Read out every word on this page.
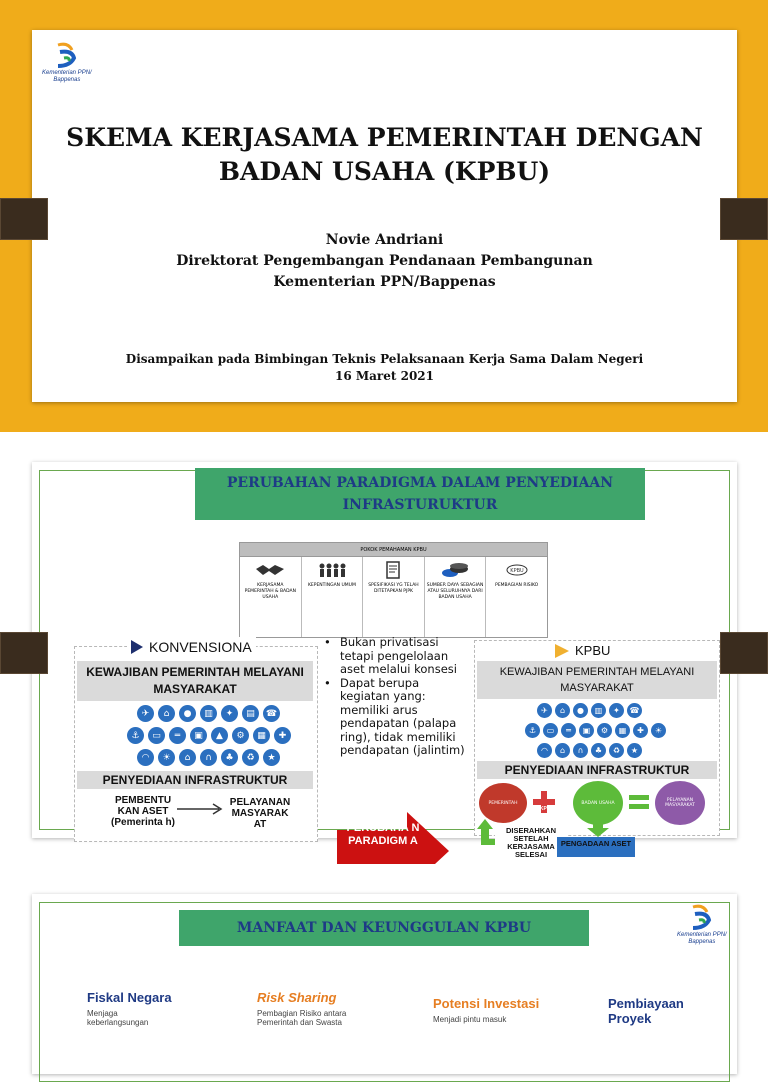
Kementerian PPN/
Bappenas
SKEMA KERJASAMA PEMERINTAH DENGAN BADAN USAHA (KPBU)
Novie Andriani
Direktorat Pengembangan Pendanaan Pembangunan
Kementerian PPN/Bappenas
Disampaikan pada Bimbingan Teknis Pelaksanaan Kerja Sama Dalam Negeri
16 Maret 2021
PERUBAHAN PARADIGMA DALAM PENYEDIAAN INFRASTURUKTUR
POKOK PEMAHAMAN KPBU
KERJASAMA PEMERINTAH & BADAN USAHA
KEPENTINGAN UMUM	SPESIFIKASI YG TELAH DITETAPKAN PJPK
SUMBER DAYA SEBAGIAN ATAU SELURUHNYA DARI BADAN USAHA
KPBU
PEMBAGIAN RISIKO
KONVENSIONA
KEWAJIBAN PEMERINTAH MELAYANI MASYARAKAT
✈	⌂	●	▥	✦	▤	☎
⚓	▭	═	▣	▲	⚙	▦	✚
◠	☀	⌂	∩	♣	♻	★
PENYEDIAAN INFRASTRUKTUR
PEMBENTU KAN ASET (Pemerinta h)
PELAYANAN MASYARAK AT
• Bukan privatisasi tetapi pengelolaan aset melalui konsesi
• Dapat berupa kegiatan yang: memiliki arus pendapatan (palapa ring), tidak memiliki pendapatan (jalintim)
PERUBAHA N PARADIGM A
KPBU
KEWAJIBAN PEMERINTAH MELAYANI MASYARAKAT
✈	⌂	●	▥	✦	☎
⚓	▭	═	▣	⚙	▦	✚	☀
◠	⌂	∩	♣	♻	★
PENYEDIAAN INFRASTRUKTUR
PEMERINTAH
KPBU
BADAN USAHA	PELAYANAN MASYARAKAT
DISERAHKAN SETELAH KERJASAMA SELESAI
PENGADAAN ASET
Kementerian PPN/
Bappenas
MANFAAT DAN KEUNGGULAN KPBU
Fiskal Negara
Menjaga
keberlangsungan
Risk Sharing
Pembagian Risiko antara
Pemerintah dan Swasta
Potensi Investasi
Menjadi pintu masuk
Pembiayaan Proyek
